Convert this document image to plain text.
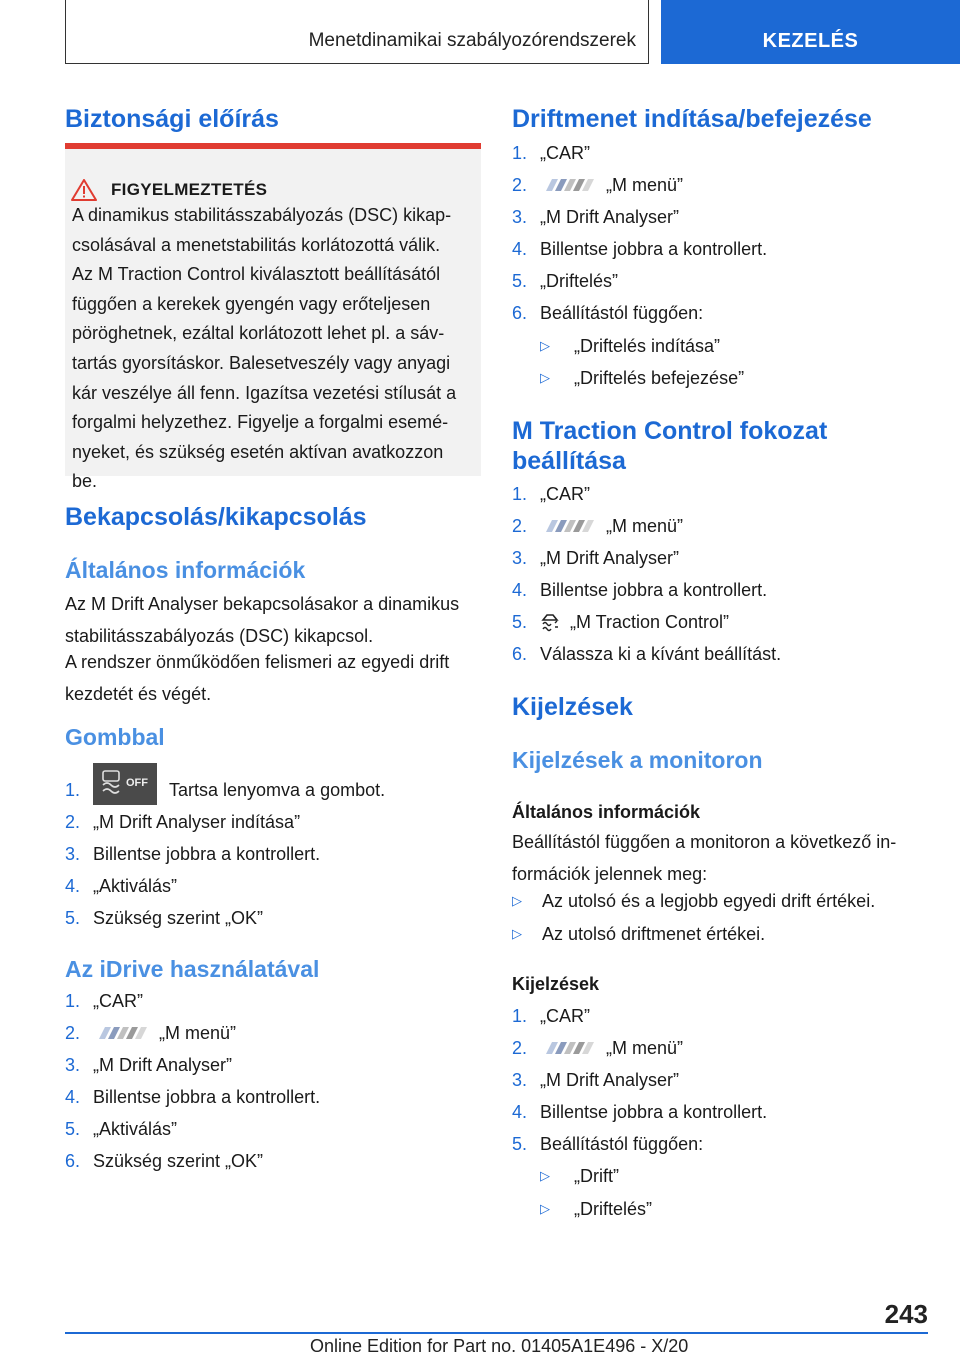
Menetdinamikai szabályozórendszerek	KEZELÉS
Biztonsági előírás
FIGYELMEZTETÉS
A dinamikus stabilitásszabályozás (DSC) kikap‐
csolásával a menetstabilitás korlátozottá válik.
Az M Traction Control kiválasztott beállításától
függően a kerekek gyengén vagy erőteljesen
pöröghetnek, ezáltal korlátozott lehet pl. a sáv‐
tartás gyorsításkor. Balesetveszély vagy anyagi
kár veszélye áll fenn. Igazítsa vezetési stílusát a
forgalmi helyzethez. Figyelje a forgalmi esemé‐
nyeket, és szükség esetén aktívan avatkozzon
be.
Bekapcsolás/kikapcsolás
Általános információk
Az M Drift Analyser bekapcsolásakor a dinamikus
stabilitásszabályozás (DSC) kikapcsol.
A rendszer önműködően felismeri az egyedi drift
kezdetét és végét.
Gombbal
1.	OFF Tartsa lenyomva a gombot.
2. „M Drift Analyser indítása”
3. Billentse jobbra a kontrollert.
4. „Aktiválás”
5. Szükség szerint „OK”
Az iDrive használatával
1. „CAR”
2.	„M menü”
3. „M Drift Analyser”
4. Billentse jobbra a kontrollert.
5. „Aktiválás”
6. Szükség szerint „OK”
Driftmenet indítása/befejezése
1. „CAR”
2.	„M menü”
3. „M Drift Analyser”
4. Billentse jobbra a kontrollert.
5. „Driftelés”
6. Beállítástól függően:
▷	„Driftelés indítása”
▷	„Driftelés befejezése”
M Traction Control fokozat
beállítása
1. „CAR”
2.	„M menü”
3. „M Drift Analyser”
4. Billentse jobbra a kontrollert.
5.	„M Traction Control”
6. Válassza ki a kívánt beállítást.
Kijelzések
Kijelzések a monitoron
Általános információk
Beállítástól függően a monitoron a következő in‐
formációk jelennek meg:
▷	Az utolsó és a legjobb egyedi drift értékei.
▷	Az utolsó driftmenet értékei.
Kijelzések
1. „CAR”
2.	„M menü”
3. „M Drift Analyser”
4. Billentse jobbra a kontrollert.
5. Beállítástól függően:
▷	„Drift”
▷	„Driftelés”
243
Online Edition for Part no. 01405A1E496 - X/20
